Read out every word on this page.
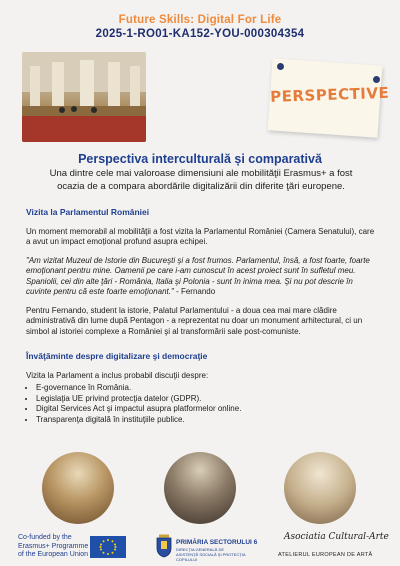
Future Skills: Digital For Life
2025-1-RO01-KA152-YOU-000304354
PERSPECTIVE
Perspectiva interculturală și comparativă
Una dintre cele mai valoroase dimensiuni ale mobilităţii Erasmus+ a fost ocazia de a compara abordările digitalizării din diferite ţări europene.
Vizita la Parlamentul României
Un moment memorabil al mobilităţii a fost vizita la Parlamentul României (Camera Senatului), care a avut un impact emoțional profund asupra echipei.
"Am vizitat Muzeul de Istorie din Bucureşti şi a fost frumos. Parlamentul, însă, a fost foarte, foarte emoţionant pentru mine. Oamenii pe care i-am cunoscut în acest proiect sunt în sufletul meu. Spaniolii, cei din alte ţări - România, Italia şi Polonia - sunt în inima mea. Şi nu pot descrie în cuvinte pentru că este foarte emoţionant." - Fernando
Pentru Fernando, student la istorie, Palatul Parlamentului - a doua cea mai mare clădire administrativă din lume după Pentagon - a reprezentat nu doar un monument arhitectural, ci un simbol al istoriei complexe a României şi al transformării sale post-comuniste.
Învăţăminte despre digitalizare şi democraţie
Vizita la Parlament a inclus probabil discuţii despre:
• E-governance în România.
• Legislaţia UE privind protecţia datelor (GDPR).
• Digital Services Act şi impactul asupra platformelor online.
• Transparenţa digitală în instituţiile publice.
Co-funded by the
Erasmus+ Programme
of the European Union
PRIMĂRIA SECTORULUI 6
DIRECŢIA GENERALĂ DE ASISTENŢĂ SOCIALĂ ŞI PROTECŢIA COPILULUI
Asociatia Cultural-Arte
ATELIERUL EUROPEAN DE ARTĂ
